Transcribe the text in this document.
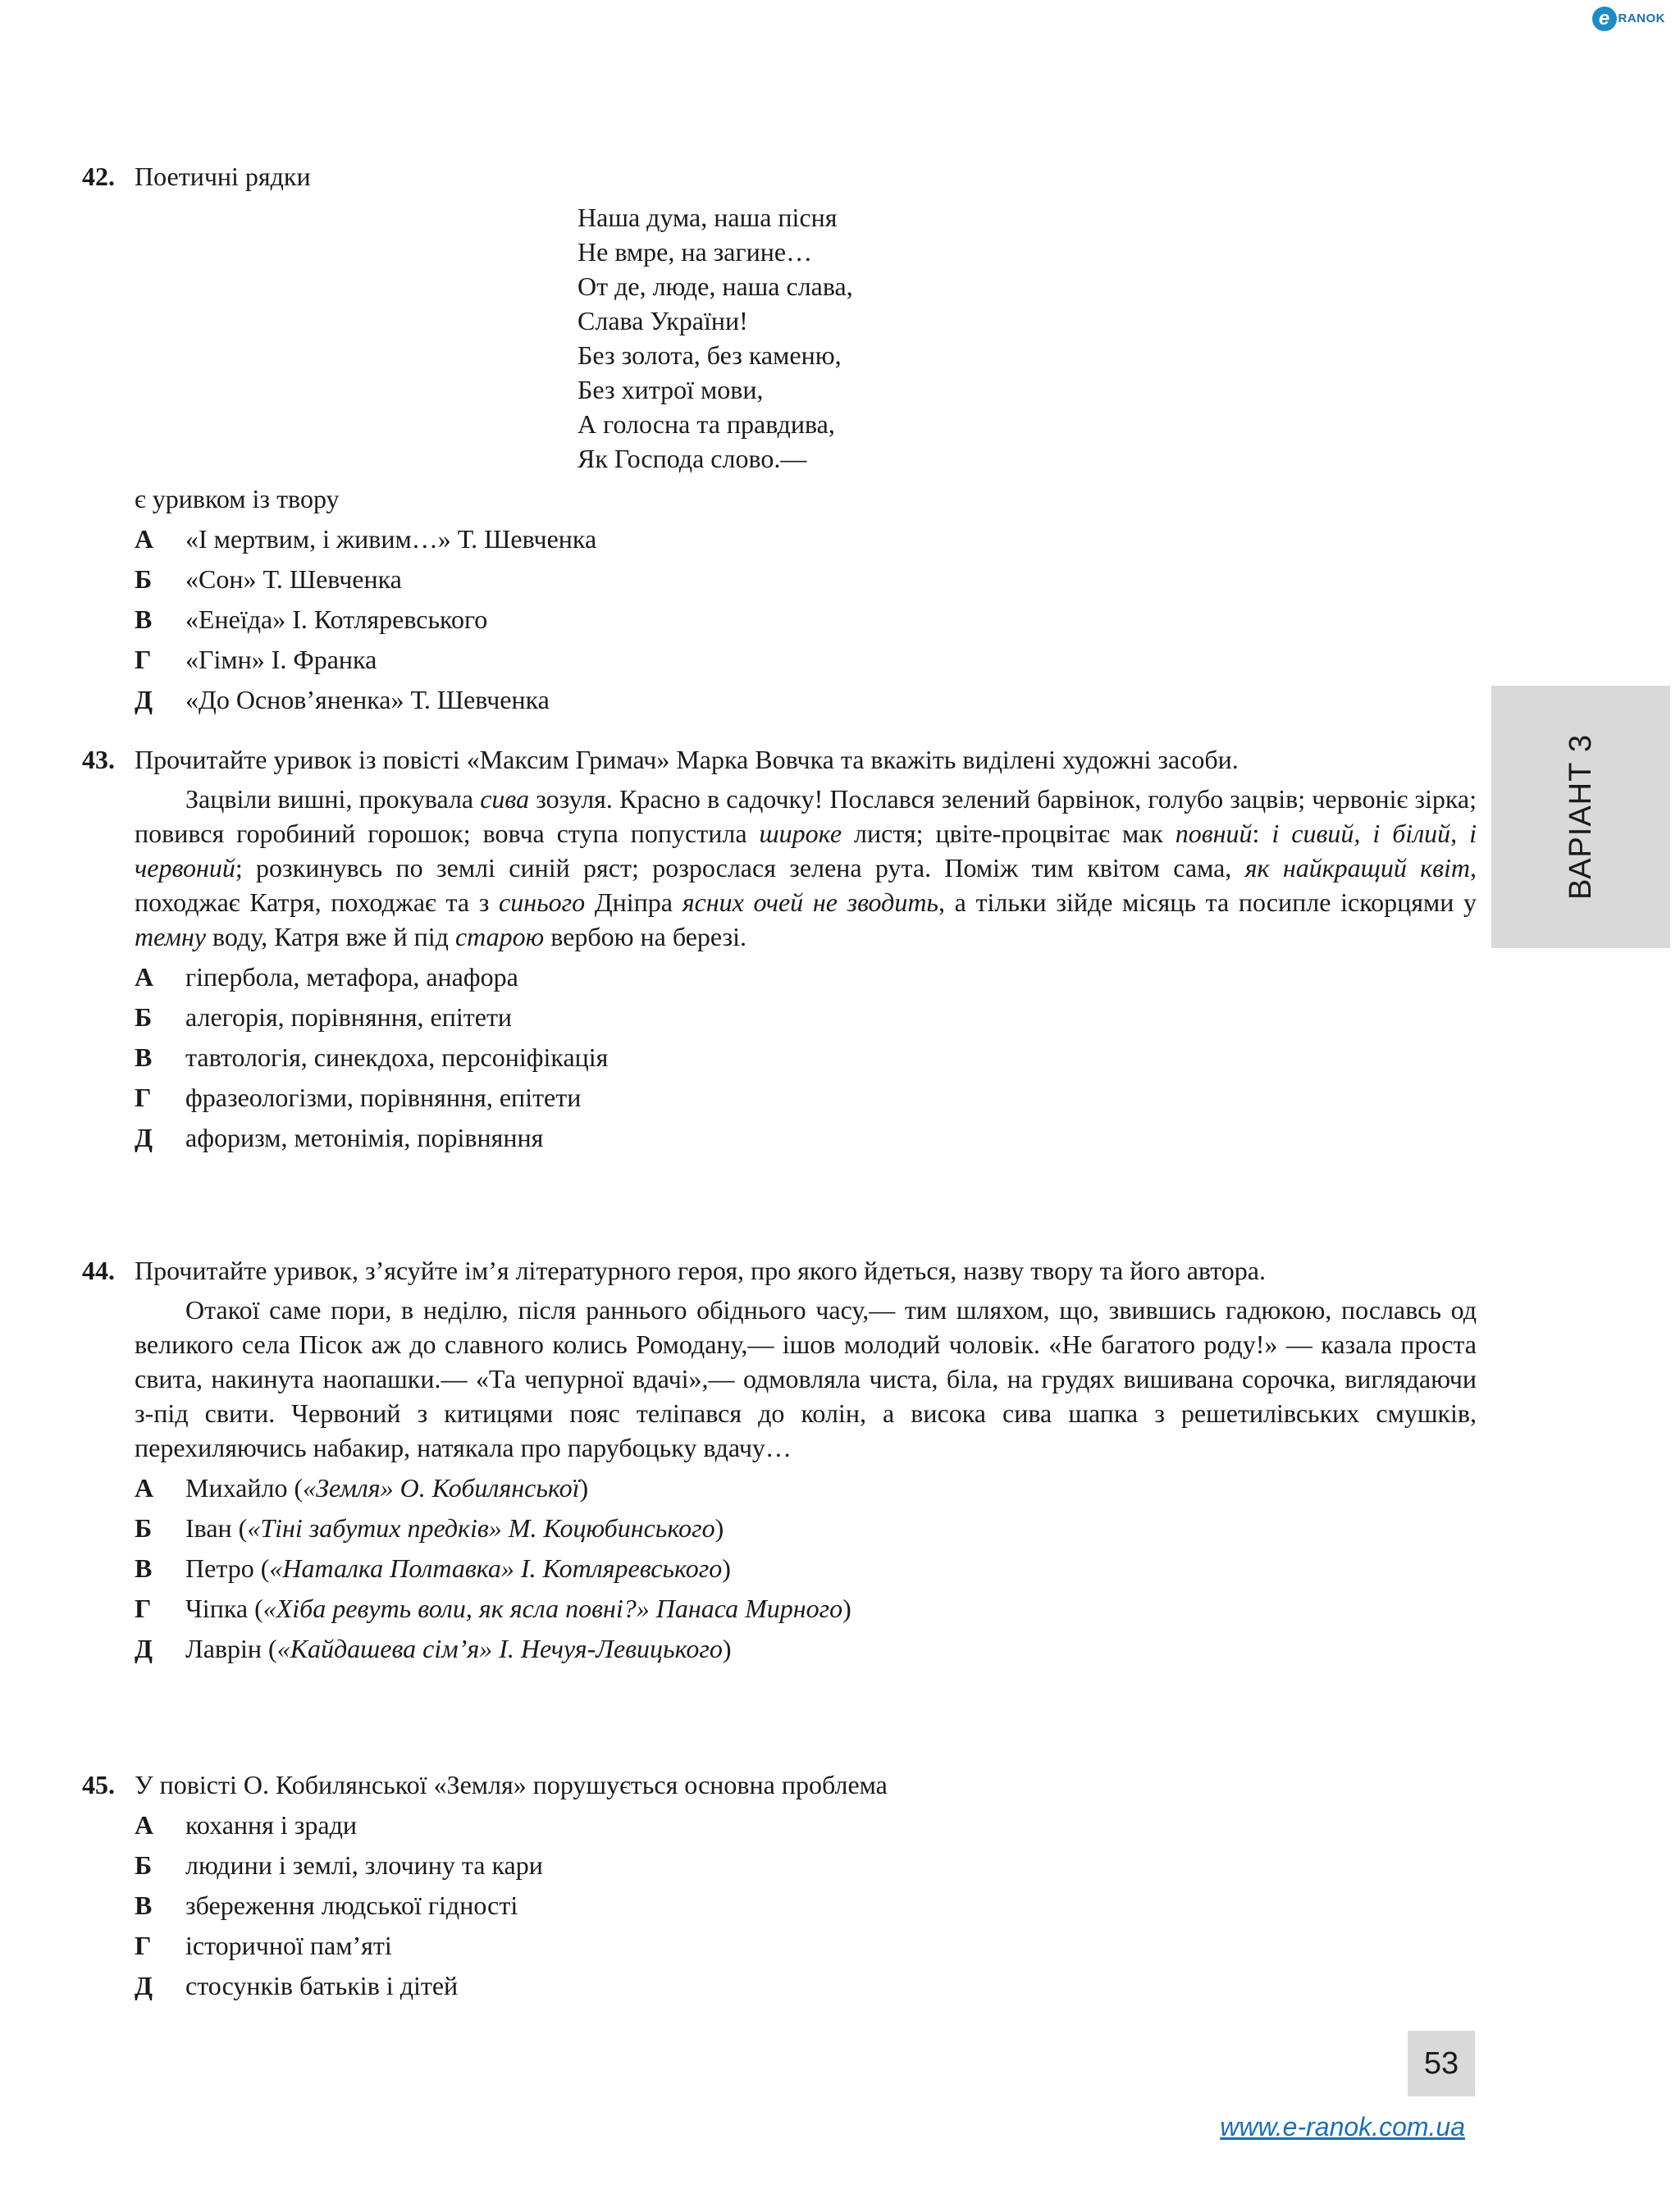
e RANOK
42. Поетичні рядки
Наша дума, наша пісня
Не вмре, на загине…
От де, люде, наша слава,
Слава України!
Без золота, без каменю,
Без хитрої мови,
А голосна та правдива,
Як Господа слово.—
є уривком із твору
А	«І мертвим, і живим…» Т. Шевченка
Б	«Сон» Т. Шевченка
В	«Енеїда» І. Котляревського
Г	«Гімн» І. Франка
Д	«До Основ’яненка» Т. Шевченка
43. Прочитайте уривок із повісті «Максим Гримач» Марка Вовчка та вкажіть виділені художні засоби.

Зацвіли вишні, прокувала сива зозуля. Красно в садочку! Послався зелений барвінок, голубо зацвів; червоніє зірка; повився горобиний горошок; вовча ступа попустила широке листя; цвіте-процвітає мак повний: і сивий, і білий, і червоний; розкинувсь по землі синій ряст; розрослася зелена рута. Поміж тим квітом сама, як найкращий квіт, походжає Катря, походжає та з синього Дніпра ясних очей не зводить, а тільки зійде місяць та посипле іскорцями у темну воду, Катря вже й під старою вербою на березі.

А	гіпербола, метафора, анафора
Б	алегорія, порівняння, епітети
В	тавтологія, синекдоха, персоніфікація
Г	фразеологізми, порівняння, епітети
Д	афоризм, метонімія, порівняння
44. Прочитайте уривок, з’ясуйте ім’я літературного героя, про якого йдеться, назву твору та його автора.

Отакої саме пори, в неділю, після раннього обіднього часу,— тим шляхом, що, звившись гадюкою, пославсь од великого села Пісок аж до славного колись Ромодану,— ішов молодий чоловік. «Не багатого роду!» — казала проста свита, накинута наопашки.— «Та чепурної вдачі»,— одмовляла чиста, біла, на грудях вишивана сорочка, виглядаючи з-під свити. Червоний з китицями пояс теліпався до колін, а висока сива шапка з решетилівських смушків, перехиляючись набакир, натякала про парубоцьку вдачу…

А	Михайло («Земля» О. Кобилянської)
Б	Іван («Тіні забутих предків» М. Коцюбинського)
В	Петро («Наталка Полтавка» І. Котляревського)
Г	Чіпка («Хіба ревуть воли, як ясла повні?» Панаса Мирного)
Д	Лаврін («Кайдашева сім’я» І. Нечуя-Левицького)
45. У повісті О. Кобилянської «Земля» порушується основна проблема
А	кохання і зради
Б	людини і землі, злочину та кари
В	збереження людської гідності
Г	історичної пам’яті
Д	стосунків батьків і дітей
ВАРІАНТ 3
53
www.e-ranok.com.ua
